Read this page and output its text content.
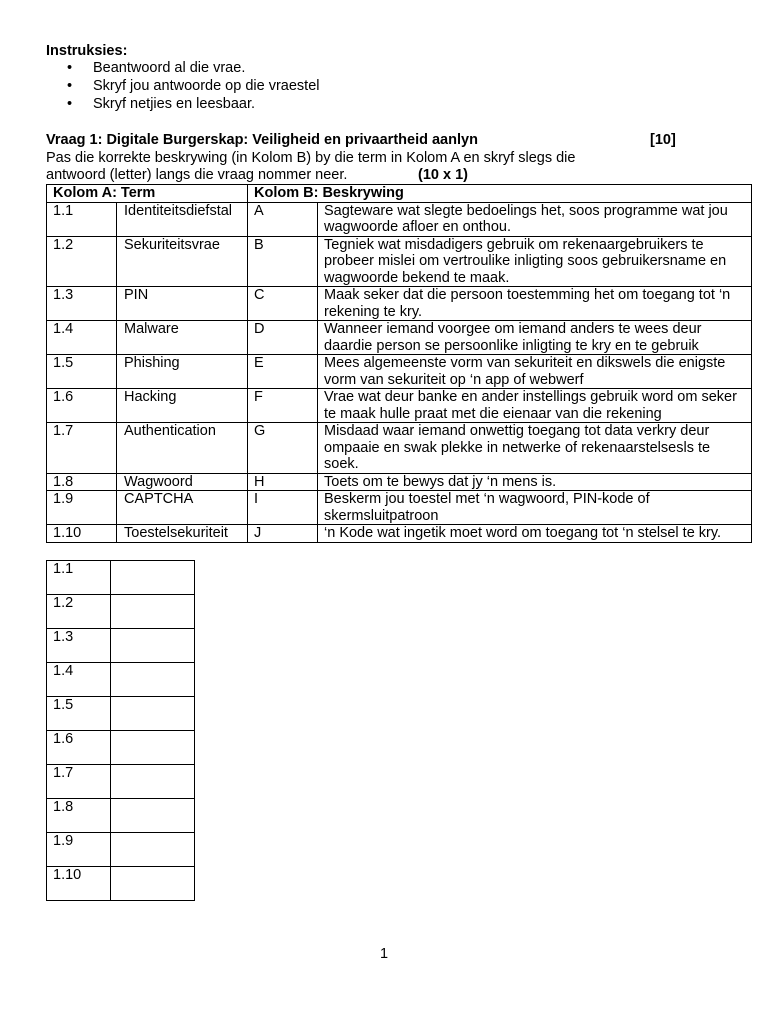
Instruksies:
• Beantwoord al die vrae.
• Skryf jou antwoorde op die vraestel
• Skryf netjies en leesbaar.
Vraag 1: Digitale Burgerskap: Veiligheid en privaartheid aanlyn	[10]
Pas die korrekte beskrywing (in Kolom B) by die term in Kolom A en skryf slegs die antwoord (letter) langs die vraag nommer neer.	(10 x 1)
Kolom A: Term		Kolom B: Beskrywing	
1.1	Identiteitsdiefstal	A	Sagteware wat slegte bedoelings het, soos programme wat jou wagwoorde afloer en onthou.
1.2	Sekuriteitsvrae	B	Tegniek wat misdadigers gebruik om rekenaargebruikers te probeer mislei om vertroulike inligting soos gebruikersname en wagwoorde bekend te maak.
1.3	PIN	C	Maak seker dat die persoon toestemming het om toegang tot ‘n rekening te kry.
1.4	Malware	D	Wanneer iemand voorgee om iemand anders te wees deur daardie person se persoonlike inligting te kry en te gebruik
1.5	Phishing	E	Mees algemeenste vorm van sekuriteit en dikswels die enigste vorm van sekuriteit op ‘n app of webwerf
1.6	Hacking	F	Vrae wat deur banke en ander instellings gebruik word om seker te maak hulle praat met die eienaar van die rekening
1.7	Authentication	G	Misdaad waar iemand onwettig toegang tot data verkry deur ompaaie en swak plekke in netwerke of rekenaarstelsesls te soek.
1.8	Wagwoord	H	Toets om te bewys dat jy ‘n mens is.
1.9	CAPTCHA	I	Beskerm jou toestel met ‘n wagwoord, PIN-kode of skermsluitpatroon
1.10	Toestelsekuriteit	J	‘n Kode wat ingetik moet word om toegang tot ‘n stelsel te kry.
1.1	
1.2	
1.3	
1.4	
1.5	
1.6	
1.7	
1.8	
1.9	
1.10	
1
